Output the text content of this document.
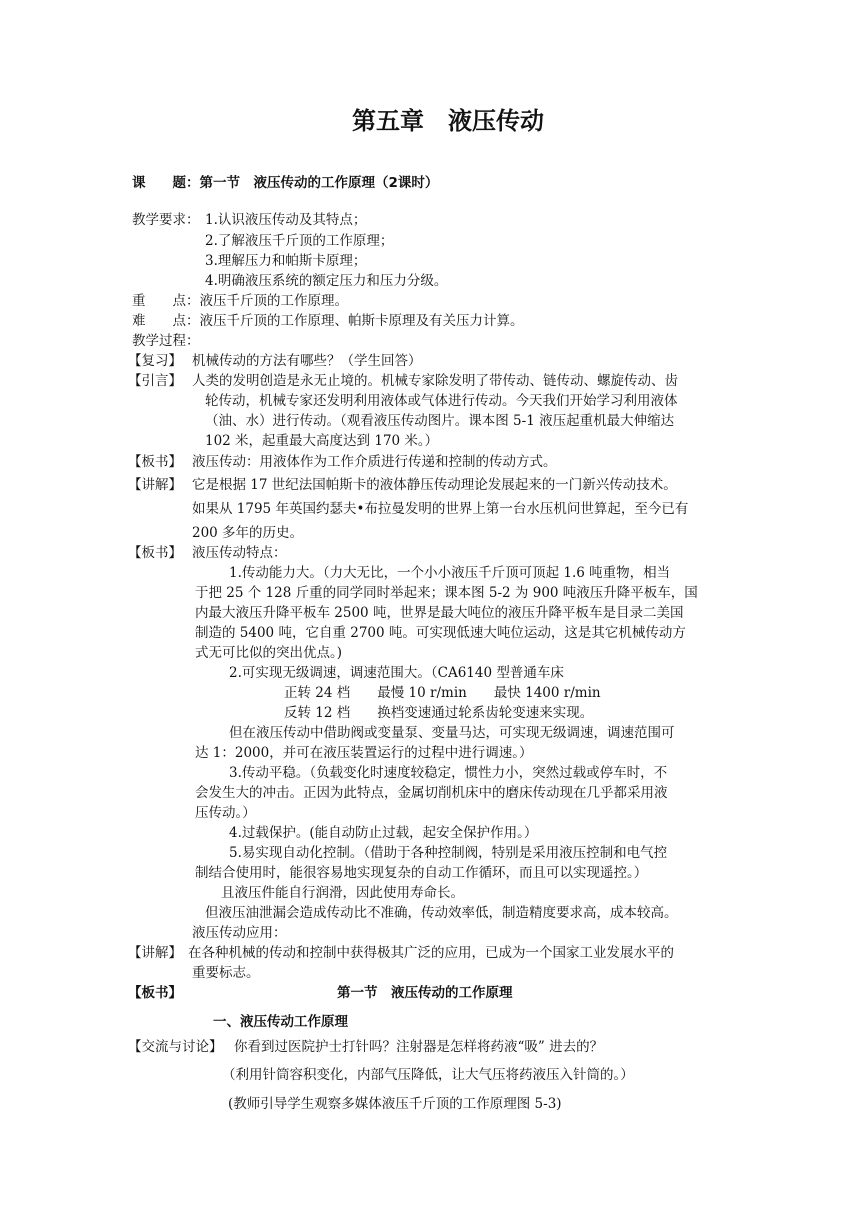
第五章　液压传动
课　　题：第一节　液压传动的工作原理（2课时）
教学要求： 1.认识液压传动及其特点；
2.了解液压千斤顶的工作原理；
3.理解压力和帕斯卡原理；
4.明确液压系统的额定压力和压力分级。
重　　点：液压千斤顶的工作原理。
难　　点：液压千斤顶的工作原理、帕斯卡原理及有关压力计算。
教学过程：
【复习】 机械传动的方法有哪些？（学生回答）
【引言】 人类的发明创造是永无止境的。机械专家除发明了带传动、链传动、螺旋传动、齿
轮传动，机械专家还发明利用液体或气体进行传动。今天我们开始学习利用液体
（油、水）进行传动。（观看液压传动图片。课本图 5-1 液压起重机最大伸缩达
102 米，起重最大高度达到 170 米。）
【板书】 液压传动：用液体作为工作介质进行传递和控制的传动方式。
【讲解】 它是根据 17 世纪法国帕斯卡的液体静压传动理论发展起来的一门新兴传动技术。
如果从 1795 年英国约瑟夫•布拉曼发明的世界上第一台水压机问世算起，至今已有
200 多年的历史。
【板书】 液压传动特点：
1.传动能力大。（力大无比，一个小小液压千斤顶可顶起 1.6 吨重物，相当
于把 25 个 128 斤重的同学同时举起来；课本图 5-2 为 900 吨液压升降平板车，国
内最大液压升降平板车 2500 吨，世界是最大吨位的液压升降平板车是目录二美国
制造的 5400 吨，它自重 2700 吨。可实现低速大吨位运动，这是其它机械传动方
式无可比似的突出优点。)
2.可实现无级调速，调速范围大。（CA6140 型普通车床
正转 24 档　　最慢 10 r/min　　最快 1400 r/min
反转 12 档　　换档变速通过轮系齿轮变速来实现。
但在液压传动中借助阀或变量泵、变量马达，可实现无级调速，调速范围可
达 1：2000，并可在液压装置运行的过程中进行调速。）
3.传动平稳。（负载变化时速度较稳定，惯性力小，突然过载或停车时，不
会发生大的冲击。正因为此特点，金属切削机床中的磨床传动现在几乎都采用液
压传动。）
4.过载保护。(能自动防止过载，起安全保护作用。）
5.易实现自动化控制。（借助于各种控制阀，特别是采用液压控制和电气控
制结合使用时，能很容易地实现复杂的自动工作循环，而且可以实现遥控。）
且液压件能自行润滑，因此使用寿命长。
但液压油泄漏会造成传动比不准确，传动效率低，制造精度要求高，成本较高。
液压传动应用：
【讲解】 在各种机械的传动和控制中获得极其广泛的应用，已成为一个国家工业发展水平的
重要标志。
【板书】	第一节　液压传动的工作原理
一、液压传动工作原理
【交流与讨论】 你看到过医院护士打针吗？注射器是怎样将药液“吸” 进去的？
（利用针筒容积变化，内部气压降低，让大气压将药液压入针筒的。）
(教师引导学生观察多媒体液压千斤顶的工作原理图 5-3)
